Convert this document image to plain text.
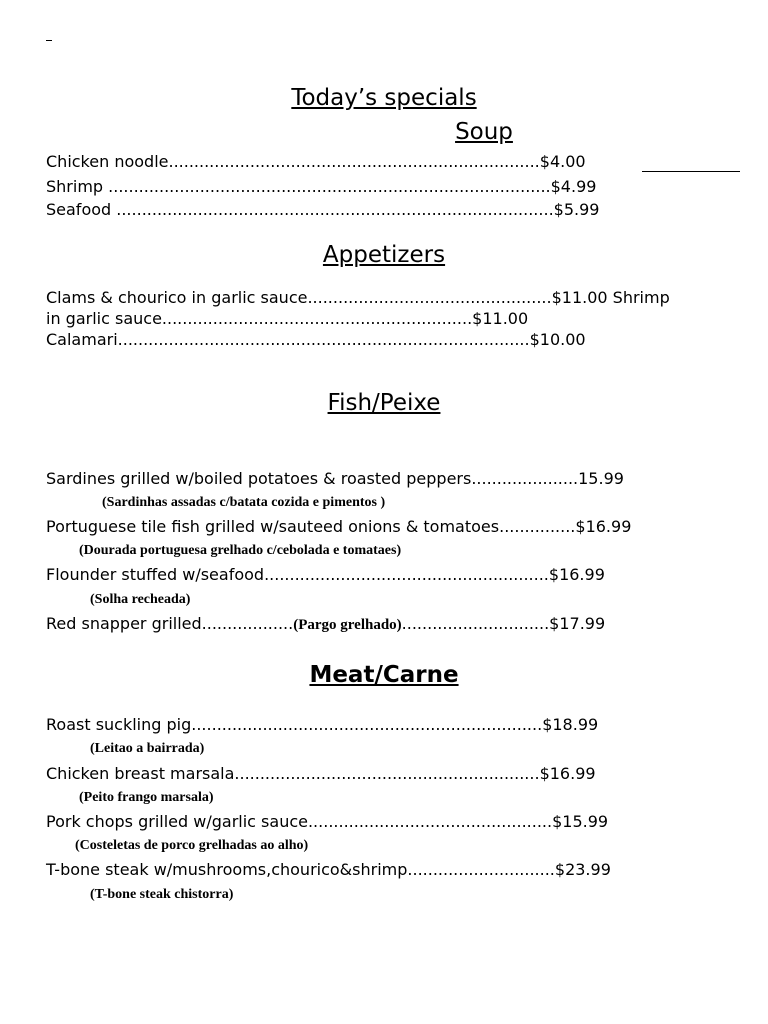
Today’s specials
Soup
Chicken noodle.........................................................................$4.00
Shrimp .......................................................................................$4.99
Seafood ......................................................................................$5.99
Appetizers
Clams & chourico in garlic sauce................................................$11.00 Shrimp
in garlic sauce.............................................................$11.00
Calamari.................................................................................$10.00
Fish/Peixe
Sardines grilled w/boiled potatoes & roasted peppers.....................15.99
(Sardinhas assadas c/batata cozida e pimentos )
Portuguese tile fish grilled w/sauteed onions & tomatoes...............$16.99
(Dourada portuguesa grelhado c/cebolada e tomataes)
Flounder stuffed w/seafood........................................................$16.99
(Solha recheada)
Red snapper grilled..................(Pargo grelhado).............................$17.99
Meat/Carne
Roast suckling pig.....................................................................$18.99
(Leitao a bairrada)
Chicken breast marsala............................................................$16.99
(Peito frango marsala)
Pork chops grilled w/garlic sauce................................................$15.99
(Costeletas de porco grelhadas ao alho)
T-bone steak w/mushrooms,chourico&shrimp.............................$23.99
(T-bone steak chistorra)
